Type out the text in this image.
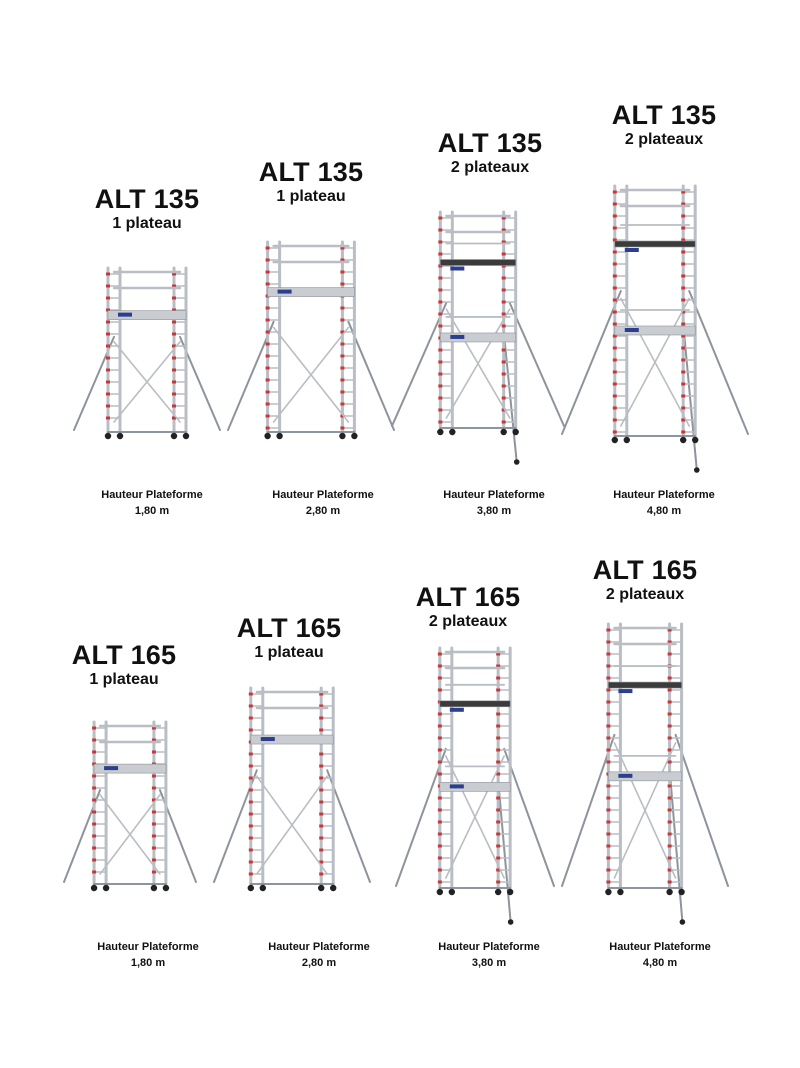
ALT 135
1 plateau
Hauteur Plateforme
1,80 m
ALT 135
1 plateau
Hauteur Plateforme
2,80 m
ALT 135
2 plateaux
Hauteur Plateforme
3,80 m
ALT 135
2 plateaux
Hauteur Plateforme
4,80 m
ALT 165
1 plateau
Hauteur Plateforme
1,80 m
ALT 165
1 plateau
Hauteur Plateforme
2,80 m
ALT 165
2 plateaux
Hauteur Plateforme
3,80 m
ALT 165
2 plateaux
Hauteur Plateforme
4,80 m
